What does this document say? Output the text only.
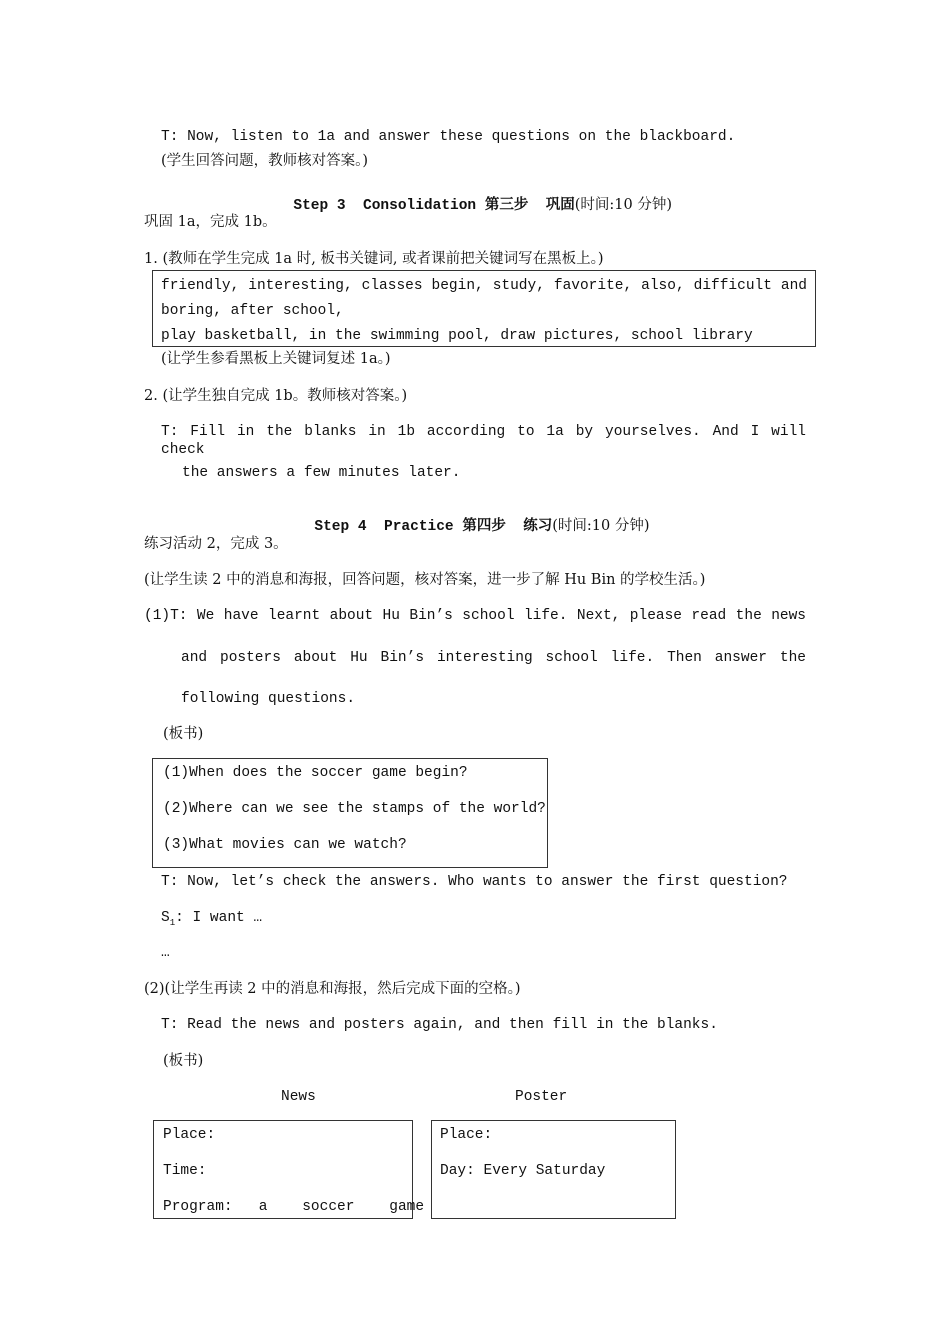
T: Now, listen to 1a and answer these questions on the blackboard.
(学生回答问题，教师核对答案。)

Step 3  Consolidation 第三步  巩固(时间:10 分钟)

巩固 1a，完成 1b。
1. (教师在学生完成 1a 时, 板书关键词, 或者课前把关键词写在黑板上。)
friendly, interesting, classes begin, study, favorite, also, difficult and
boring, after school,
play basketball, in the swimming pool, draw pictures, school library
(让学生参看黑板上关键词复述 1a。)
2. (让学生独自完成 1b。教师核对答案。)
T: Fill in the blanks in 1b according to 1a by yourselves. And I will check
the answers a few minutes later.

Step 4  Practice 第四步  练习(时间:10 分钟)

练习活动 2，完成 3。
(让学生读 2 中的消息和海报，回答问题，核对答案，进一步了解 Hu Bin 的学校生活。)
(1)T: We have learnt about Hu Bin’s school life. Next, please read the news
and posters about Hu Bin’s interesting school life. Then answer the
following questions.
(板书)
(1)When does the soccer game begin?
(2)Where can we see the stamps of the world?
(3)What movies can we watch?
T: Now, let’s check the answers. Who wants to answer the first question?
$S_1$: I want …
…
(2)(让学生再读 2 中的消息和海报，然后完成下面的空格。)
T: Read the news and posters again, and then fill in the blanks.
(板书)
News	Poster
Place:
Time:
Program:   a    soccer    game
Place:
Day: Every Saturday
